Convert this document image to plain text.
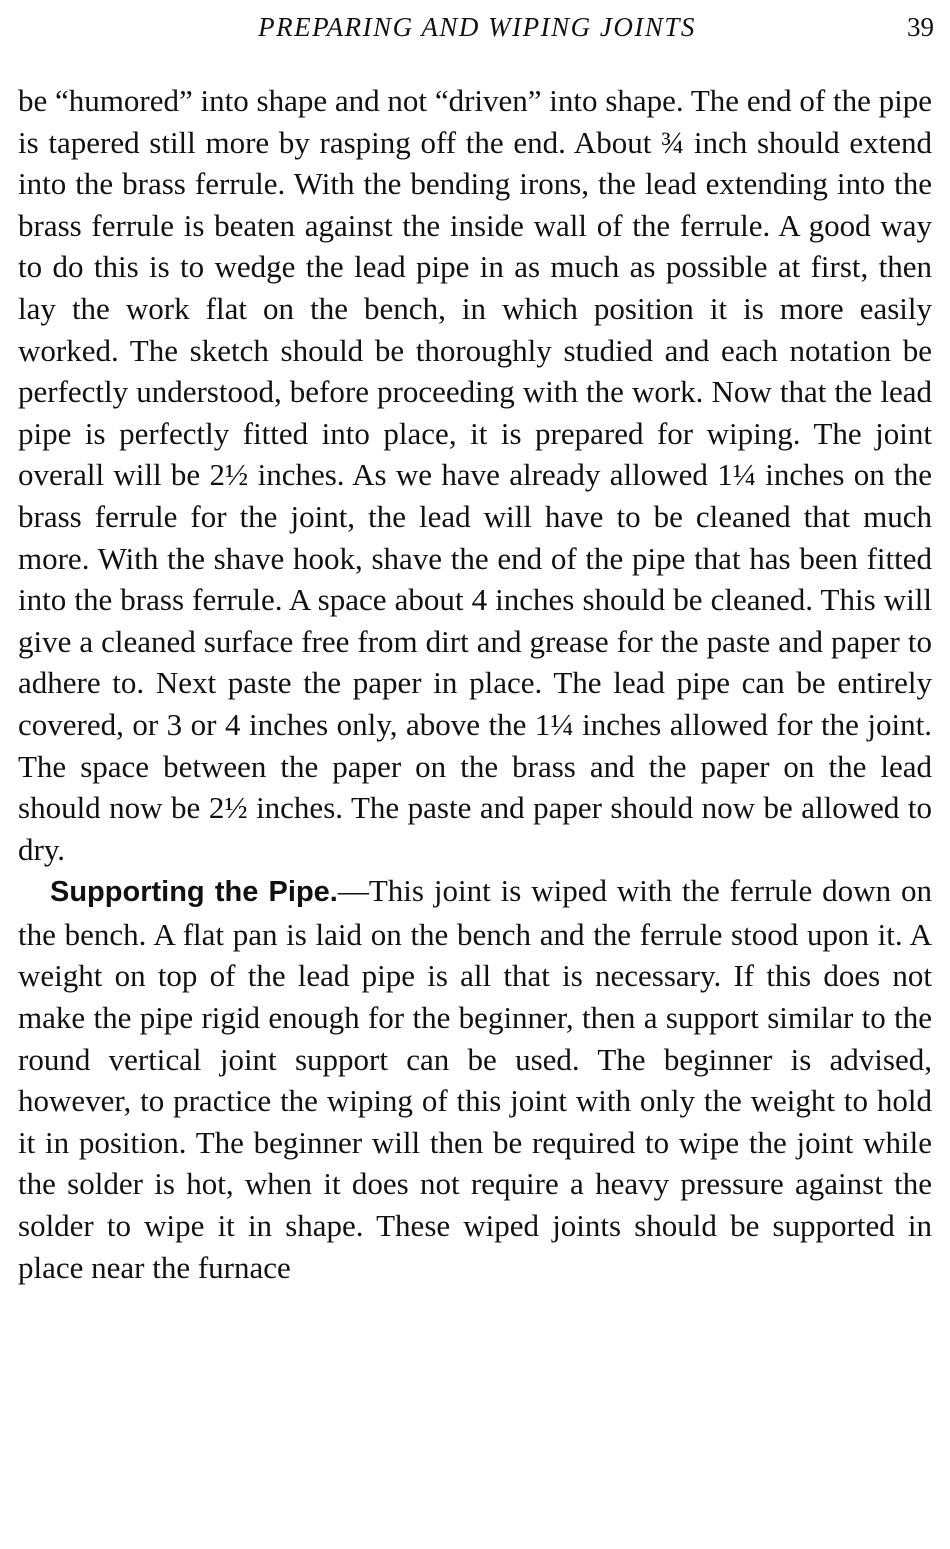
PREPARING AND WIPING JOINTS	39

be “humored” into shape and not “driven” into shape. The end of the pipe is tapered still more by rasping off the end. About ¾ inch should extend into the brass ferrule. With the bending irons, the lead extending into the brass ferrule is beaten against the inside wall of the ferrule. A good way to do this is to wedge the lead pipe in as much as possible at first, then lay the work flat on the bench, in which position it is more easily worked. The sketch should be thoroughly studied and each notation be perfectly understood, before proceeding with the work. Now that the lead pipe is perfectly fitted into place, it is prepared for wiping. The joint overall will be 2½ inches. As we have already allowed 1¼ inches on the brass ferrule for the joint, the lead will have to be cleaned that much more. With the shave hook, shave the end of the pipe that has been fitted into the brass ferrule. A space about 4 inches should be cleaned. This will give a cleaned surface free from dirt and grease for the paste and paper to adhere to. Next paste the paper in place. The lead pipe can be entirely covered, or 3 or 4 inches only, above the 1¼ inches allowed for the joint. The space between the paper on the brass and the paper on the lead should now be 2½ inches. The paste and paper should now be allowed to dry.

Supporting the Pipe.—This joint is wiped with the ferrule down on the bench. A flat pan is laid on the bench and the ferrule stood upon it. A weight on top of the lead pipe is all that is necessary. If this does not make the pipe rigid enough for the beginner, then a support similar to the round vertical joint support can be used. The beginner is advised, however, to practice the wiping of this joint with only the weight to hold it in position. The beginner will then be required to wipe the joint while the solder is hot, when it does not require a heavy pressure against the solder to wipe it in shape. These wiped joints should be supported in place near the furnace
